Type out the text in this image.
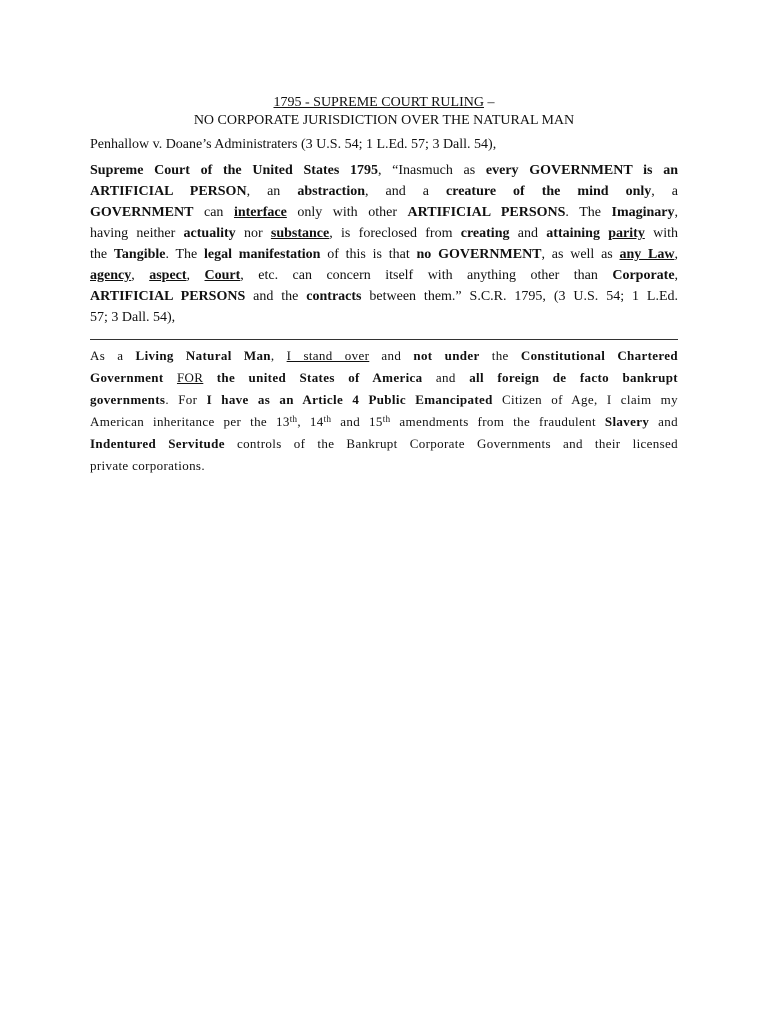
1795 - SUPREME COURT RULING –
NO CORPORATE JURISDICTION OVER THE NATURAL MAN
Penhallow v. Doane’s Administraters (3 U.S. 54; 1 L.Ed. 57; 3 Dall. 54),
Supreme Court of the United States 1795, “Inasmuch as every GOVERNMENT is an
ARTIFICIAL PERSON, an abstraction, and a creature of the mind only, a
GOVERNMENT can interface only with other ARTIFICIAL PERSONS. The Imaginary,
having neither actuality nor substance, is foreclosed from creating and attaining parity with
the Tangible. The legal manifestation of this is that no GOVERNMENT, as well as any Law,
agency, aspect, Court, etc. can concern itself with anything other than Corporate,
ARTIFICIAL PERSONS and the contracts between them.” S.C.R. 1795, (3 U.S. 54; 1 L.Ed.
57; 3 Dall. 54),
As a Living Natural Man, I stand over and not under the Constitutional Chartered
Government FOR the united States of America and all foreign de facto bankrupt
governments. For I have as an Article 4 Public Emancipated Citizen of Age, I claim my
American inheritance per the 13th, 14th and 15th amendments from the fraudulent Slavery and
Indentured Servitude controls of the Bankrupt Corporate Governments and their licensed
private corporations.
